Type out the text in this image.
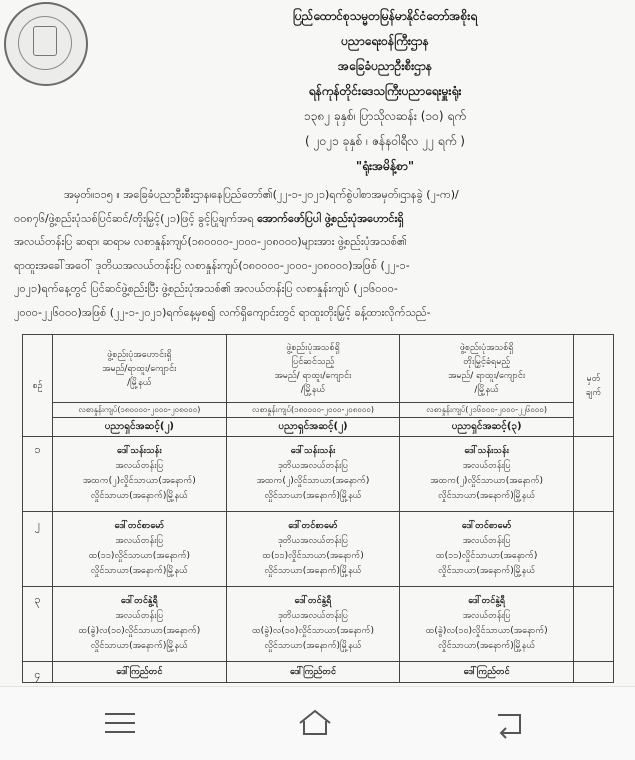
ပြည်ထောင်စုသမ္မတမြန်မာနိုင်ငံတော်အစိုးရ
ပညာရေးဝန်ကြီးဌာန
အခြေခံပညာဦးစီးဌာန
ရန်ကုန်တိုင်းဒေသကြီးပညာရေးမှူးရုံး
၁၃၈၂ ခုနှစ်၊ ပြာသိုလဆန်း (၁၀) ရက်
( ၂၀၂၁ ခုနှစ် ၊ ဇန်နဝါရီလ ၂၂ ရက် )
"ရုံးအမိန့်စာ"
အမှတ်။၁၁၅ ။ အခြေခံပညာဦးစီးဌာန၊နေပြည်တော်၏(၂၂-၁-၂၀၂၁)ရက်စွဲပါစာအမှတ်၊ဌာနခွဲ (၂-က)/
၀၀၈၇၆/ဖွဲ့စည်းပုံသစ်ပြင်ဆင်/တိုးမြှင့်(၂၁)ဖြင့် ခွင့်ပြုချက်အရ အောက်ဖော်ပြပါ ဖွဲ့စည်းပုံအဟောင်းရှိ
အလယ်တန်းပြ ဆရာ၊ ဆရာမ လစာနှုန်းကျပ်(၁၈၀၀၀၀-၂၀၀၀-၂၀၈၀၀၀)များအား ဖွဲ့စည်းပုံအသစ်၏
ရာထူးအခေါ်အဝေါ် ဒုတိယအလယ်တန်းပြ လစာနှုန်းကျပ်(၁၈၀၀၀၀-၂၀၀၀-၂၀၈၀၀၀)အဖြစ် (၂၂-၁-
၂၀၂၁)ရက်နေ့တွင် ပြင်ဆင်ဖွဲ့စည်းပြီး ဖွဲ့စည်းပုံအသစ်၏ အလယ်တန်းပြ လစာနှုန်းကျပ် (၂၁၆၀၀၀-
၂၀၀၀-၂၂၆၀၀၀)အဖြစ် (၂၂-၁-၂၀၂၁)ရက်နေ့မှစ၍ လက်ရှိကျောင်းတွင် ရာထူးတိုးမြှင့် ခန့်ထားလိုက်သည်-
စဉ်	ဖွဲ့စည်းပုံအဟောင်းရှိ
အမည်/ရာထူး/ကျောင်း
/မြို့နယ်	ဖွဲ့စည်းပုံအသစ်ရှိ
ပြင်ဆင်သည့်
အမည်/ ရာထူး/ကျောင်း
/မြို့နယ်	ဖွဲ့စည်းပုံအသစ်ရှိ
တိုးမြှင့်ခံရမည့်
အမည်/ ရာထူး/ကျောင်း
/မြို့နယ်	မှတ်
ချက်

	လစာနှုန်းကျပ်(၁၈၀၀၀၀-၂၀၀၀-၂၀၈၀၀၀)	လစာနှုန်းကျပ်(၁၈၀၀၀၀-၂၀၀၀-၂၀၈၀၀၀)	လစာနှုန်းကျပ်(၂၁၆၀၀၀-၂၀၀၀-၂၂၆၀၀၀)	
	ပညာရှင်အဆင့်(၂)	ပညာရှင်အဆင့်(၂)	ပညာရှင်အဆင့်(၃)	
၁	ဒေါ်သန်းသန်း
အလယ်တန်းပြ
အထက(၂)လှိုင်သာယာ(အနောက်)
လှိုင်သာယာ(အနောက်)မြို့နယ်	ဒေါ်သန်းသန်း
ဒုတိယအလယ်တန်းပြ
အထက(၂)လှိုင်သာယာ(အနောက်)
လှိုင်သာယာ(အနောက်)မြို့နယ်	ဒေါ်သန်းသန်း
အလယ်တန်းပြ
အထက(၂)လှိုင်သာယာ(အနောက်)
လှိုင်သာယာ(အနောက်)မြို့နယ်	

၂	ဒေါ်တင်စာမော်
အလယ်တန်းပြ
ထ(၁၁)လှိုင်သာယာ(အနောက်)
လှိုင်သာယာ(အနောက်)မြို့နယ်	ဒေါ်တင်စာမော်
ဒုတိယအလယ်တန်းပြ
ထ(၁၁)လှိုင်သာယာ(အနောက်)
လှိုင်သာယာ(အနောက်)မြို့နယ်	ဒေါ်တင်စာမော်
အလယ်တန်းပြ
ထ(၁၁)လှိုင်သာယာ(အနောက်)
လှိုင်သာယာ(အနောက်)မြို့နယ်	

၃	ဒေါ်တင်နွဲ့ရီ
အလယ်တန်းပြ
ထ(ခွဲ)လ(၁၀)လှိုင်သာယာ(အနောက်)
လှိုင်သာယာ(အနောက်)မြို့နယ်	ဒေါ်တင်နွဲ့ရီ
ဒုတိယအလယ်တန်းပြ
ထ(ခွဲ)လ(၁၀)လှိုင်သာယာ(အနောက်)
လှိုင်သာယာ(အနောက်)မြို့နယ်	ဒေါ်တင်နွဲ့ရီ
အလယ်တန်းပြ
ထ(ခွဲ)လ(၁၀)လှိုင်သာယာ(အနောက်)
လှိုင်သာယာ(အနောက်)မြို့နယ်	

၄	ဒေါ်ကြည်တင်	ဒေါ်ကြည်တင်	ဒေါ်ကြည်တင်	
